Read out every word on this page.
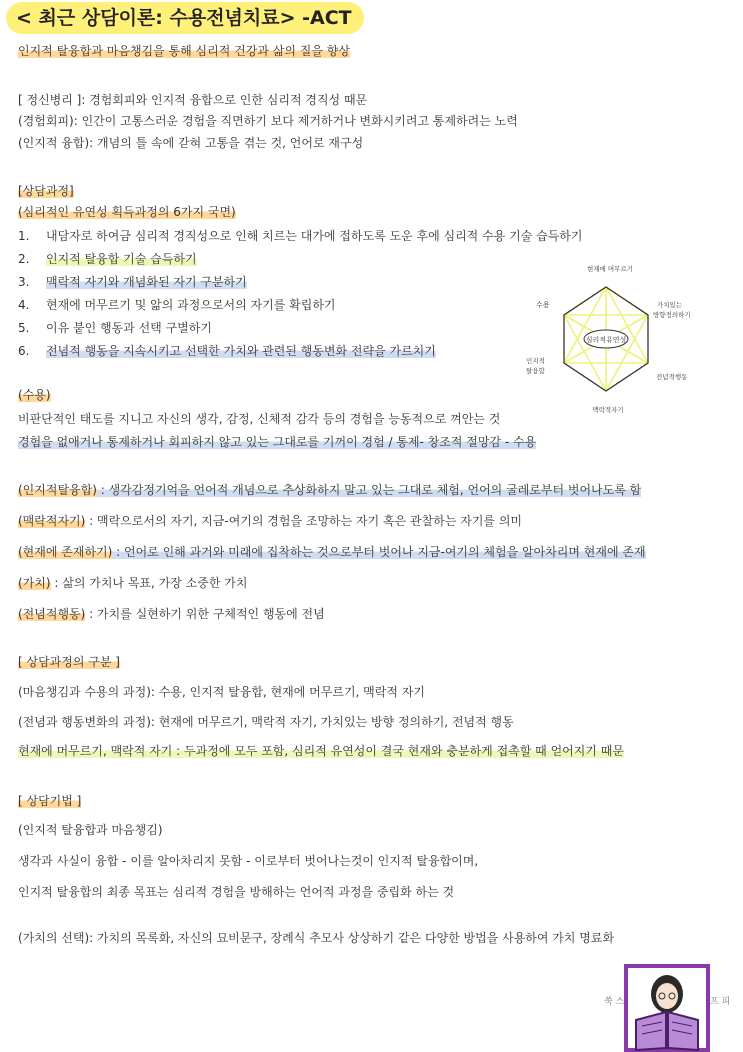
< 최근 상담이론: 수용전념치료> -ACT
인지적 탈융합과 마음챙김을 통해 심리적 건강과 삶의 질을 향상
[ 정신병리 ]: 경험회피와 인지적 융합으로 인한 심리적 경직성 때문
(경험회피): 인간이 고통스러운 경험을 직면하기 보다 제거하거나 변화시키려고 통제하려는 노력
(인지적 융합): 개념의 틀 속에 갇혀 고통을 겪는 것, 언어로 재구성
[상담과정]
(심리적인 유연성 획득과정의 6가지 국면)
1. 내담자로 하여금 심리적 경직성으로 인해 치르는 대가에 접하도록 도운 후에 심리적 수용 기술 습득하기
2. 인지적 탈융합 기술 습득하기
3. 맥락적 자기와 개념화된 자기 구분하기
4. 현재에 머무르기 및 앎의 과정으로서의 자기를 확립하기
5. 이유 붙인 행동과 선택 구별하기
6. 전념적 행동을 지속시키고 선택한 가치와 관련된 행동변화 전략을 가르치기
심리적유연성
현재에 머무르기
가치있는
방향정의하기
전념적행동
맥락적자기
인지적
탈융합
수용
(수용)
비판단적인 태도를 지니고 자신의 생각, 감정, 신체적 감각 등의 경험을 능동적으로 껴안는 것
경험을 없애거나 통제하거나 회피하지 않고 있는 그대로를 기꺼이 경험 / 통제- 창조적 절망감 - 수용
(인지적탈융합) : 생각감정기억을 언어적 개념으로 추상화하지 말고 있는 그대로 체험, 언어의 굴레로부터 벗어나도록 함
(맥락적자기) : 맥락으로서의 자기, 지금-여기의 경험을 조망하는 자기 혹은 관찰하는 자기를 의미
(현재에 존재하기) : 언어로 인해 과거와 미래에 집착하는 것으로부터 벗어나 지금-여기의 체험을 알아차리며 현재에 존재
(가치) : 삶의 가치나 목표, 가장 소중한 가치
(전념적행동) : 가치를 실현하기 위한 구체적인 행동에 전념
[ 상담과정의 구분 ]
(마음챙김과 수용의 과정): 수용, 인지적 탈융합, 현재에 머무르기, 맥락적 자기
(전념과 행동변화의 과정): 현재에 머무르기, 맥락적 자기, 가치있는 방향 정의하기, 전념적 행동
현재에 머무르기, 맥락적 자기 : 두과정에 모두 포함, 심리적 유연성이 결국 현재와 충분하게 접촉할 때 얻어지기 때문
[ 상담기법 ]
(인지적 탈융합과 마음챙김)
생각과 사실이 융합 - 이를 알아차리지 못함 - 이로부터 벗어나는것이 인지적 탈융합이며,
인지적 탈융합의 최종 목표는 심리적 경험을 방해하는 언어적 과정을 중립화 하는 것
(가치의 선택): 가치의 목록화, 자신의 묘비문구, 장례식 추모사 상상하기 같은 다양한 방법을 사용하여 가치 명료화
쑥 스	프 피
